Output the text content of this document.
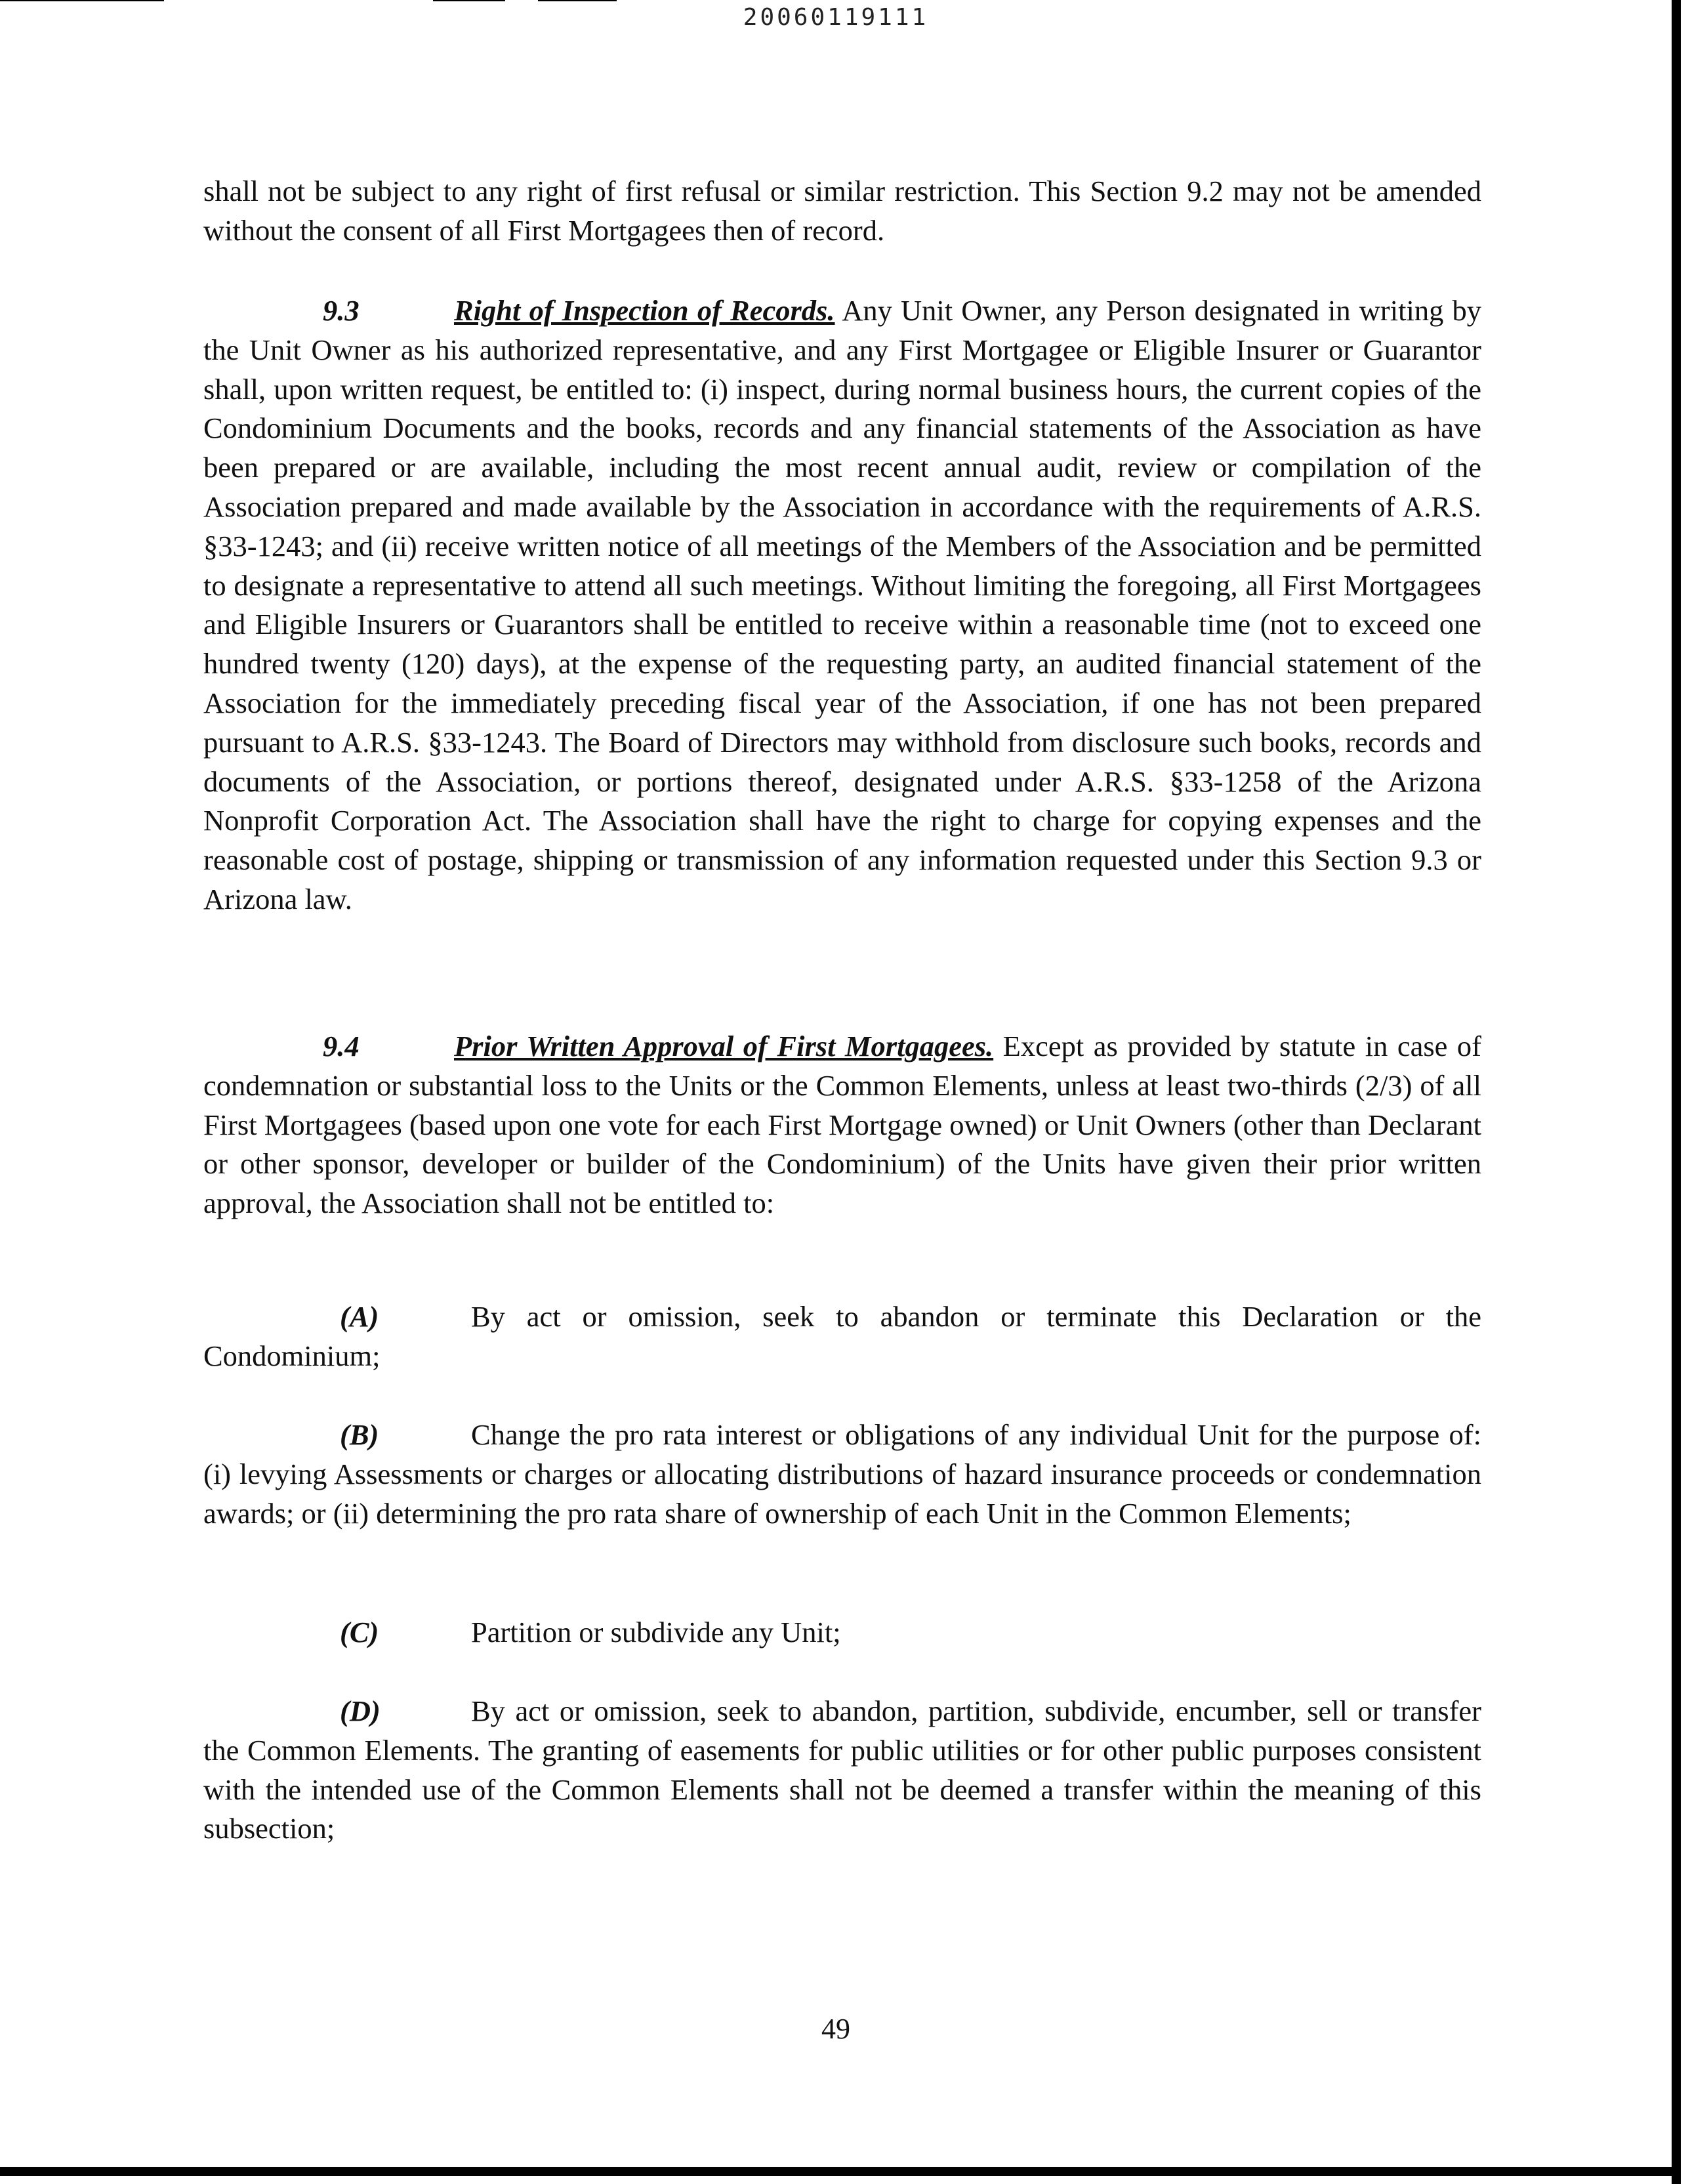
20060119111

shall not be subject to any right of first refusal or similar restriction. This Section 9.2 may not be amended without the consent of all First Mortgagees then of record.

9.3	Right of Inspection of Records. Any Unit Owner, any Person designated in writing by the Unit Owner as his authorized representative, and any First Mortgagee or Eligible Insurer or Guarantor shall, upon written request, be entitled to: (i) inspect, during normal business hours, the current copies of the Condominium Documents and the books, records and any financial statements of the Association as have been prepared or are available, including the most recent annual audit, review or compilation of the Association prepared and made available by the Association in accordance with the requirements of A.R.S. §33-1243; and (ii) receive written notice of all meetings of the Members of the Association and be permitted to designate a representative to attend all such meetings. Without limiting the foregoing, all First Mortgagees and Eligible Insurers or Guarantors shall be entitled to receive within a reasonable time (not to exceed one hundred twenty (120) days), at the expense of the requesting party, an audited financial statement of the Association for the immediately preceding fiscal year of the Association, if one has not been prepared pursuant to A.R.S. §33-1243. The Board of Directors may withhold from disclosure such books, records and documents of the Association, or portions thereof, designated under A.R.S. §33-1258 of the Arizona Nonprofit Corporation Act. The Association shall have the right to charge for copying expenses and the reasonable cost of postage, shipping or transmission of any information requested under this Section 9.3 or Arizona law.

9.4	Prior Written Approval of First Mortgagees. Except as provided by statute in case of condemnation or substantial loss to the Units or the Common Elements, unless at least two-thirds (2/3) of all First Mortgagees (based upon one vote for each First Mortgage owned) or Unit Owners (other than Declarant or other sponsor, developer or builder of the Condominium) of the Units have given their prior written approval, the Association shall not be entitled to:

(A)	By act or omission, seek to abandon or terminate this Declaration or the Condominium;

(B)	Change the pro rata interest or obligations of any individual Unit for the purpose of: (i) levying Assessments or charges or allocating distributions of hazard insurance proceeds or condemnation awards; or (ii) determining the pro rata share of ownership of each Unit in the Common Elements;

(C)	Partition or subdivide any Unit;

(D)	By act or omission, seek to abandon, partition, subdivide, encumber, sell or transfer the Common Elements. The granting of easements for public utilities or for other public purposes consistent with the intended use of the Common Elements shall not be deemed a transfer within the meaning of this subsection;

49
